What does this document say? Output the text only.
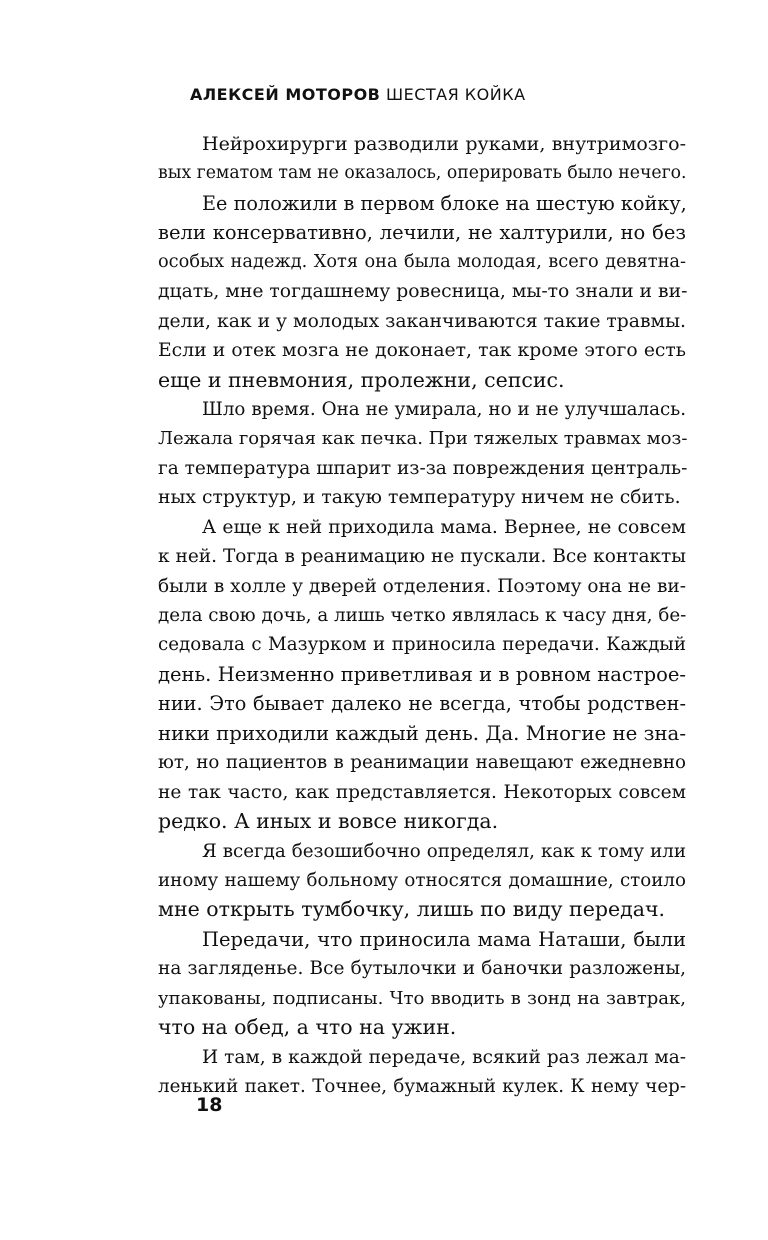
АЛЕКСЕЙ МОТОРОВ ШЕСТАЯ КОЙКА
Нейрохирурги разводили руками, внутримозго-
вых гематом там не оказалось, оперировать было нечего.
Ее положили в первом блоке на шестую койку,
вели консервативно, лечили, не халтурили, но без
особых надежд. Хотя она была молодая, всего девятна-
дцать, мне тогдашнему ровесница, мы-то знали и ви-
дели, как и у молодых заканчиваются такие травмы.
Если и отек мозга не доконает, так кроме этого есть
еще и пневмония, пролежни, сепсис.
Шло время. Она не умирала, но и не улучшалась.
Лежала горячая как печка. При тяжелых травмах моз-
га температура шпарит из-за повреждения централь-
ных структур, и такую температуру ничем не сбить.
А еще к ней приходила мама. Вернее, не совсем
к ней. Тогда в реанимацию не пускали. Все контакты
были в холле у дверей отделения. Поэтому она не ви-
дела свою дочь, а лишь четко являлась к часу дня, бе-
седовала с Мазурком и приносила передачи. Каждый
день. Неизменно приветливая и в ровном настрое-
нии. Это бывает далеко не всегда, чтобы родствен-
ники приходили каждый день. Да. Многие не зна-
ют, но пациентов в реанимации навещают ежедневно
не так часто, как представляется. Некоторых совсем
редко. А иных и вовсе никогда.
Я всегда безошибочно определял, как к тому или
иному нашему больному относятся домашние, стоило
мне открыть тумбочку, лишь по виду передач.
Передачи, что приносила мама Наташи, были
на загляденье. Все бутылочки и баночки разложены,
упакованы, подписаны. Что вводить в зонд на завтрак,
что на обед, а что на ужин.
И там, в каждой передаче, всякий раз лежал ма-
ленький пакет. Точнее, бумажный кулек. К нему чер-
18
